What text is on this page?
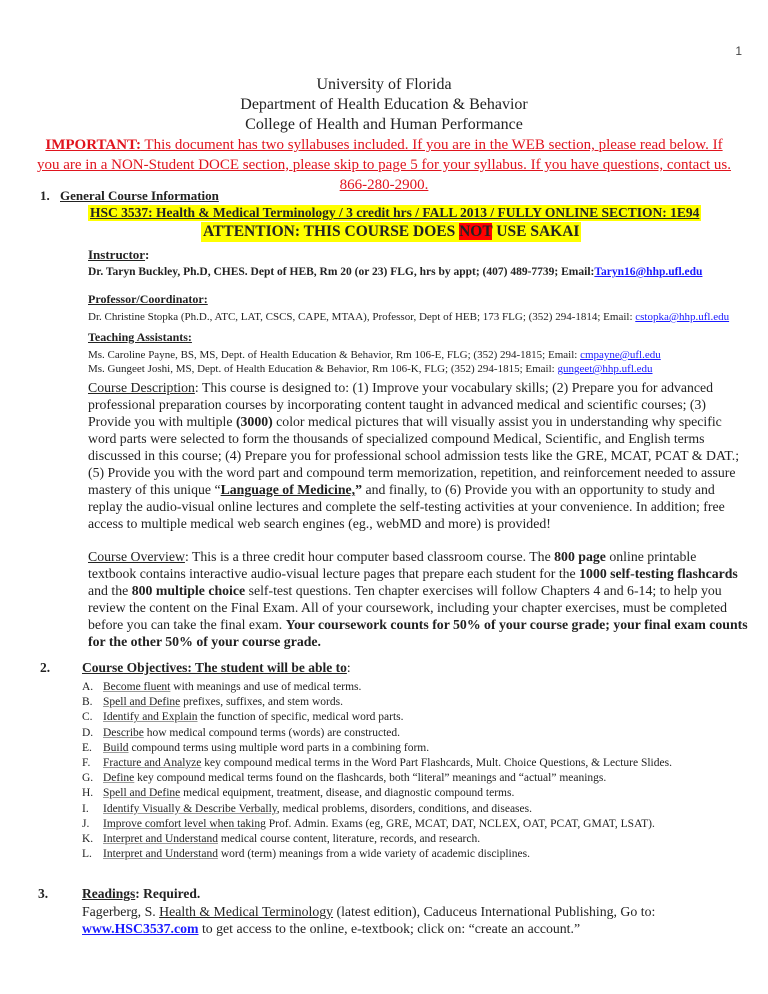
1
University of Florida
Department of Health Education & Behavior
College of Health and Human Performance
IMPORTANT: This document has two syllabuses included. If you are in the WEB section, please read below. If
you are in a NON-Student DOCE section, please skip to page 5 for your syllabus. If you have questions, contact us.
866-280-2900.
1. General Course Information
HSC 3537: Health & Medical Terminology / 3 credit hrs / FALL 2013 / FULLY ONLINE SECTION: 1E94
ATTENTION: THIS COURSE DOES NOT USE SAKAI
Instructor:
Dr. Taryn Buckley, Ph.D, CHES. Dept of HEB, Rm 20 (or 23) FLG, hrs by appt; (407) 489-7739; Email:Taryn16@hhp.ufl.edu
Professor/Coordinator:
Dr. Christine Stopka (Ph.D., ATC, LAT, CSCS, CAPE, MTAA), Professor, Dept of HEB; 173 FLG; (352) 294-1814; Email: cstopka@hhp.ufl.edu
Teaching Assistants:
Ms. Caroline Payne, BS, MS, Dept. of Health Education & Behavior, Rm 106-E, FLG; (352) 294-1815; Email: cmpayne@ufl.edu
Ms. Gungeet Joshi, MS, Dept. of Health Education & Behavior, Rm 106-K, FLG; (352) 294-1815; Email: gungeet@hhp.ufl.edu
Course Description: This course is designed to: (1) Improve your vocabulary skills; (2) Prepare you for advanced professional preparation courses by incorporating content taught in advanced medical and scientific courses; (3) Provide you with multiple (3000) color medical pictures that will visually assist you in understanding why specific word parts were selected to form the thousands of specialized compound Medical, Scientific, and English terms discussed in this course; (4) Prepare you for professional school admission tests like the GRE, MCAT, PCAT & DAT.; (5) Provide you with the word part and compound term memorization, repetition, and reinforcement needed to assure mastery of this unique “Language of Medicine,” and finally, to (6) Provide you with an opportunity to study and replay the audio-visual online lectures and complete the self-testing activities at your convenience. In addition; free access to multiple medical web search engines (eg., webMD and more) is provided!
Course Overview: This is a three credit hour computer based classroom course. The 800 page online printable textbook contains interactive audio-visual lecture pages that prepare each student for the 1000 self-testing flashcards and the 800 multiple choice self-test questions. Ten chapter exercises will follow Chapters 4 and 6-14; to help you review the content on the Final Exam. All of your coursework, including your chapter exercises, must be completed before you can take the final exam. Your coursework counts for 50% of your course grade; your final exam counts for the other 50% of your course grade.
2. Course Objectives: The student will be able to:
A. Become fluent with meanings and use of medical terms.
B. Spell and Define prefixes, suffixes, and stem words.
C. Identify and Explain the function of specific, medical word parts.
D. Describe how medical compound terms (words) are constructed.
E. Build compound terms using multiple word parts in a combining form.
F. Fracture and Analyze key compound medical terms in the Word Part Flashcards, Mult. Choice Questions, & Lecture Slides.
G. Define key compound medical terms found on the flashcards, both “literal” meanings and “actual” meanings.
H. Spell and Define medical equipment, treatment, disease, and diagnostic compound terms.
I. Identify Visually & Describe Verbally, medical problems, disorders, conditions, and diseases.
J. Improve comfort level when taking Prof. Admin. Exams (eg, GRE, MCAT, DAT, NCLEX, OAT, PCAT, GMAT, LSAT).
K. Interpret and Understand medical course content, literature, records, and research.
L. Interpret and Understand word (term) meanings from a wide variety of academic disciplines.
3.	Readings: Required.
Fagerberg, S. Health & Medical Terminology (latest edition), Caduceus International Publishing, Go to:
www.HSC3537.com to get access to the online, e-textbook; click on: “create an account.”
